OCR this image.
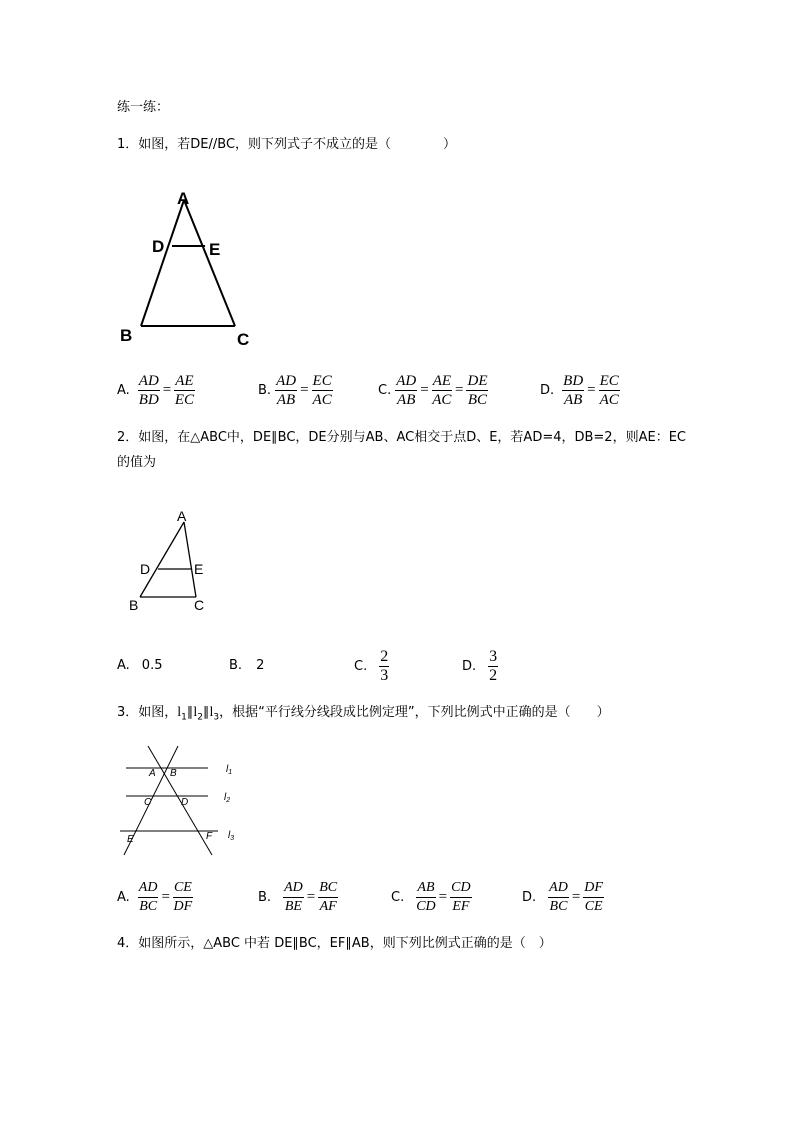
练一练：
1．如图，若DE//BC，则下列式子不成立的是（　　　　）
A
D	E
B	C
A. $\frac{AD}{BD} = \frac{AE}{EC}$	B. $\frac{AD}{AB} = \frac{EC}{AC}$	C. $\frac{AD}{AB} = \frac{AE}{AC} = \frac{DE}{BC}$	D. $\frac{BD}{AB} = \frac{EC}{AC}$
2．如图，在△ABC中，DE∥BC，DE分别与AB、AC相交于点D、E，若AD=4，DB=2，则AE：EC
的值为
A
D	E
B	C
A. 0.5	B. 2	C. $\frac{2}{3}$	D. $\frac{3}{2}$
3．如图，$l_1\parallel l_2\parallel l_3$，根据“平行线分线段成比例定理”，下列比例式中正确的是（　　）
A B
C	D
E	F
$l_1$
$l_2$
$l_3$
A. $\frac{AD}{BC} = \frac{CE}{DF}$	B. $\frac{AD}{BE} = \frac{BC}{AF}$	C. $\frac{AB}{CD} = \frac{CD}{EF}$	D. $\frac{AD}{BC} = \frac{DF}{CE}$
4．如图所示，△ABC 中若 DE∥BC，EF∥AB，则下列比例式正确的是（　）
